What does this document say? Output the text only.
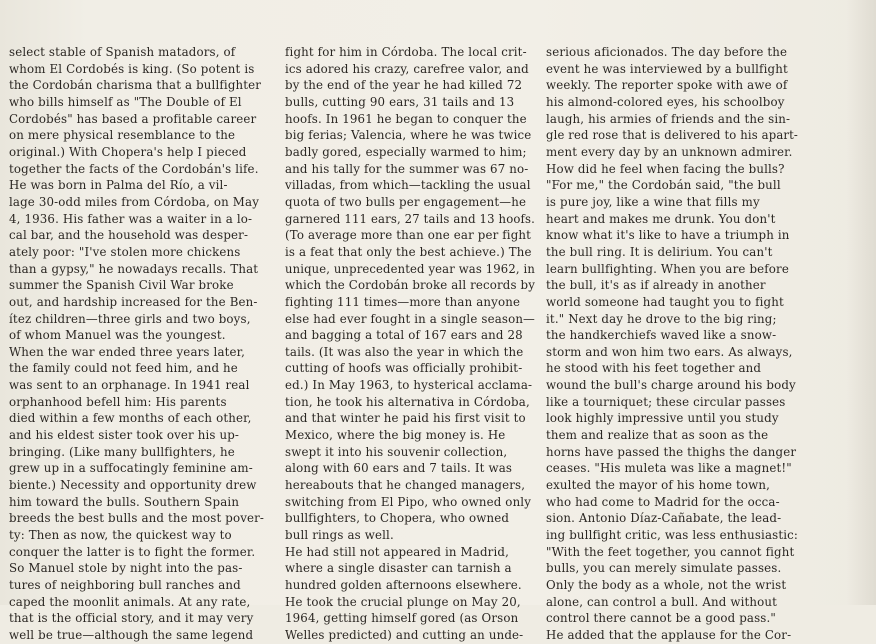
select stable of Spanish matadors, of
whom El Cordobés is king. (So potent is
the Cordobán charisma that a bullfighter
who bills himself as "The Double of El
Cordobés" has based a profitable career
on mere physical resemblance to the
original.) With Chopera's help I pieced
together the facts of the Cordobán's life.
He was born in Palma del Río, a vil-
lage 30-odd miles from Córdoba, on May
4, 1936. His father was a waiter in a lo-
cal bar, and the household was desper-
ately poor: "I've stolen more chickens
than a gypsy," he nowadays recalls. That
summer the Spanish Civil War broke
out, and hardship increased for the Ben-
ítez children—three girls and two boys,
of whom Manuel was the youngest.
When the war ended three years later,
the family could not feed him, and he
was sent to an orphanage. In 1941 real
orphanhood befell him: His parents
died within a few months of each other,
and his eldest sister took over his up-
bringing. (Like many bullfighters, he
grew up in a suffocatingly feminine am-
biente.) Necessity and opportunity drew
him toward the bulls. Southern Spain
breeds the best bulls and the most pover-
ty: Then as now, the quickest way to
conquer the latter is to fight the former.
So Manuel stole by night into the pas-
tures of neighboring bull ranches and
caped the moonlit animals. At any rate,
that is the official story, and it may very
well be true—although the same legend
fight for him in Córdoba. The local crit-
ics adored his crazy, carefree valor, and
by the end of the year he had killed 72
bulls, cutting 90 ears, 31 tails and 13
hoofs. In 1961 he began to conquer the
big ferias; Valencia, where he was twice
badly gored, especially warmed to him;
and his tally for the summer was 67 no-
villadas, from which—tackling the usual
quota of two bulls per engagement—he
garnered 111 ears, 27 tails and 13 hoofs.
(To average more than one ear per fight
is a feat that only the best achieve.) The
unique, unprecedented year was 1962, in
which the Cordobán broke all records by
fighting 111 times—more than anyone
else had ever fought in a single season—
and bagging a total of 167 ears and 28
tails. (It was also the year in which the
cutting of hoofs was officially prohibit-
ed.) In May 1963, to hysterical acclama-
tion, he took his alternativa in Córdoba,
and that winter he paid his first visit to
Mexico, where the big money is. He
swept it into his souvenir collection,
along with 60 ears and 7 tails. It was
hereabouts that he changed managers,
switching from El Pipo, who owned only
bullfighters, to Chopera, who owned
bull rings as well.
He had still not appeared in Madrid,
where a single disaster can tarnish a
hundred golden afternoons elsewhere.
He took the crucial plunge on May 20,
1964, getting himself gored (as Orson
Welles predicted) and cutting an unde-
serious aficionados. The day before the
event he was interviewed by a bullfight
weekly. The reporter spoke with awe of
his almond-colored eyes, his schoolboy
laugh, his armies of friends and the sin-
gle red rose that is delivered to his apart-
ment every day by an unknown admirer.
How did he feel when facing the bulls?
"For me," the Cordobán said, "the bull
is pure joy, like a wine that fills my
heart and makes me drunk. You don't
know what it's like to have a triumph in
the bull ring. It is delirium. You can't
learn bullfighting. When you are before
the bull, it's as if already in another
world someone had taught you to fight
it." Next day he drove to the big ring;
the handkerchiefs waved like a snow-
storm and won him two ears. As always,
he stood with his feet together and
wound the bull's charge around his body
like a tourniquet; these circular passes
look highly impressive until you study
them and realize that as soon as the
horns have passed the thighs the danger
ceases. "His muleta was like a magnet!"
exulted the mayor of his home town,
who had come to Madrid for the occa-
sion. Antonio Díaz-Cañabate, the lead-
ing bullfight critic, was less enthusiastic:
"With the feet together, you cannot fight
bulls, you can merely simulate passes.
Only the body as a whole, not the wrist
alone, can control a bull. And without
control there cannot be a good pass."
He added that the applause for the Cor-
